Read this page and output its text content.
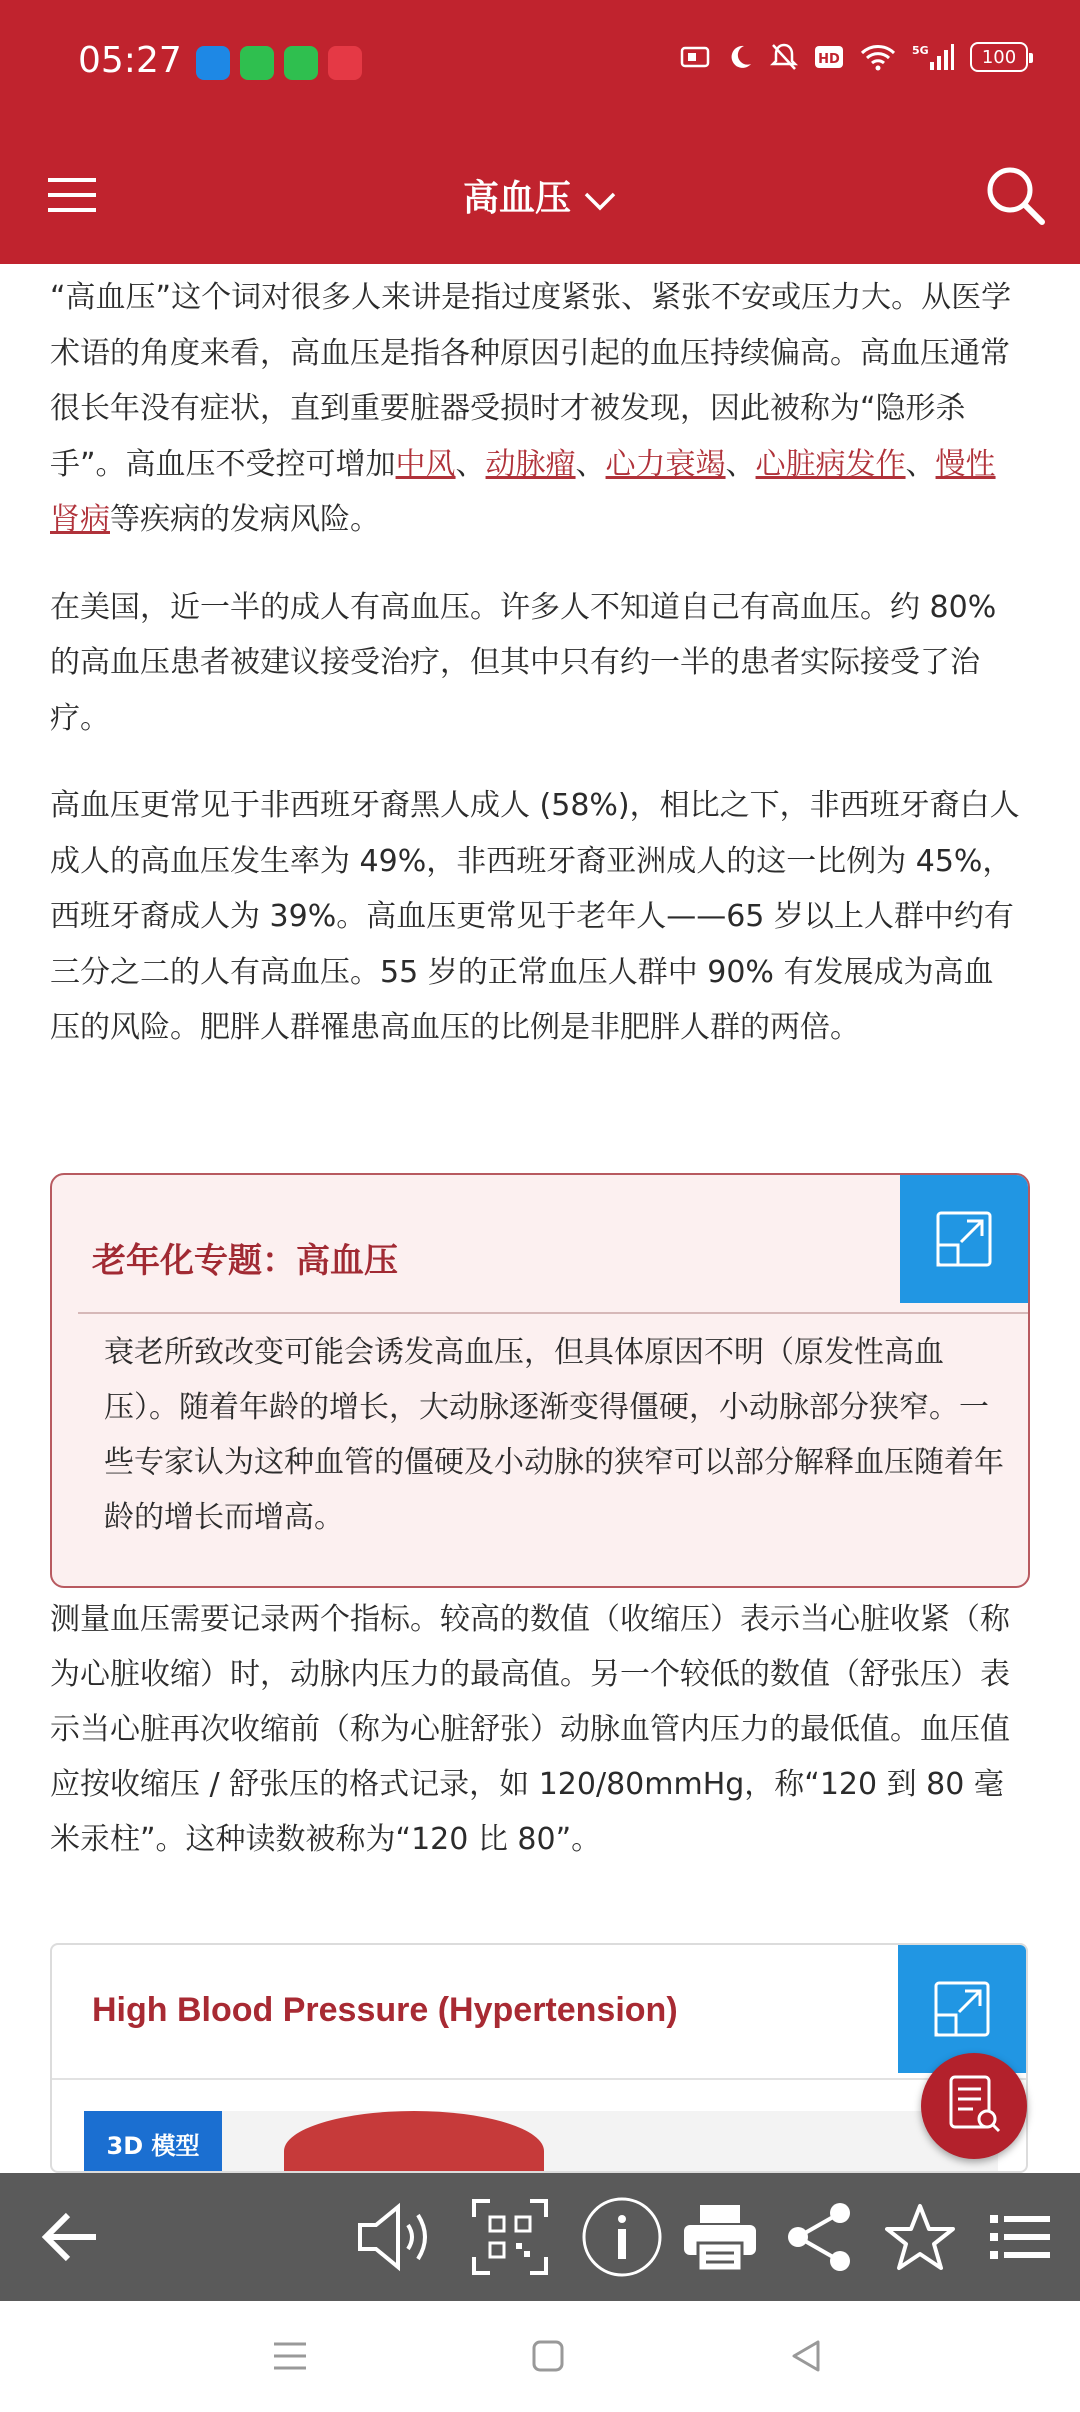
05:27	HD
5G	100
高血压

“高血压”这个词对很多人来讲是指过度紧张、紧张不安或压力大。从医学术语的角度来看，高血压是指各种原因引起的血压持续偏高。高血压通常很长年没有症状，直到重要脏器受损时才被发现，因此被称为“隐形杀手”。高血压不受控可增加中风、动脉瘤、心力衰竭、心脏病发作、慢性肾病等疾病的发病风险。

在美国，近一半的成人有高血压。许多人不知道自己有高血压。约 80% 的高血压患者被建议接受治疗，但其中只有约一半的患者实际接受了治疗。

高血压更常见于非西班牙裔黑人成人 (58%)，相比之下，非西班牙裔白人成人的高血压发生率为 49%，非西班牙裔亚洲成人的这一比例为 45%，西班牙裔成人为 39%。高血压更常见于老年人——65 岁以上人群中约有三分之二的人有高血压。55 岁的正常血压人群中 90% 有发展成为高血压的风险。肥胖人群罹患高血压的比例是非肥胖人群的两倍。

老年化专题：高血压
衰老所致改变可能会诱发高血压，但具体原因不明（原发性高血压）。随着年龄的增长，大动脉逐渐变得僵硬，小动脉部分狭窄。一些专家认为这种血管的僵硬及小动脉的狭窄可以部分解释血压随着年龄的增长而增高。

测量血压需要记录两个指标。较高的数值（收缩压）表示当心脏收紧（称为心脏收缩）时，动脉内压力的最高值。另一个较低的数值（舒张压）表示当心脏再次收缩前（称为心脏舒张）动脉血管内压力的最低值。血压值应按收缩压 / 舒张压的格式记录，如 120/80mmHg，称“120 到 80 毫米汞柱”。这种读数被称为“120 比 80”。

High Blood Pressure (Hypertension)
3D 模型
